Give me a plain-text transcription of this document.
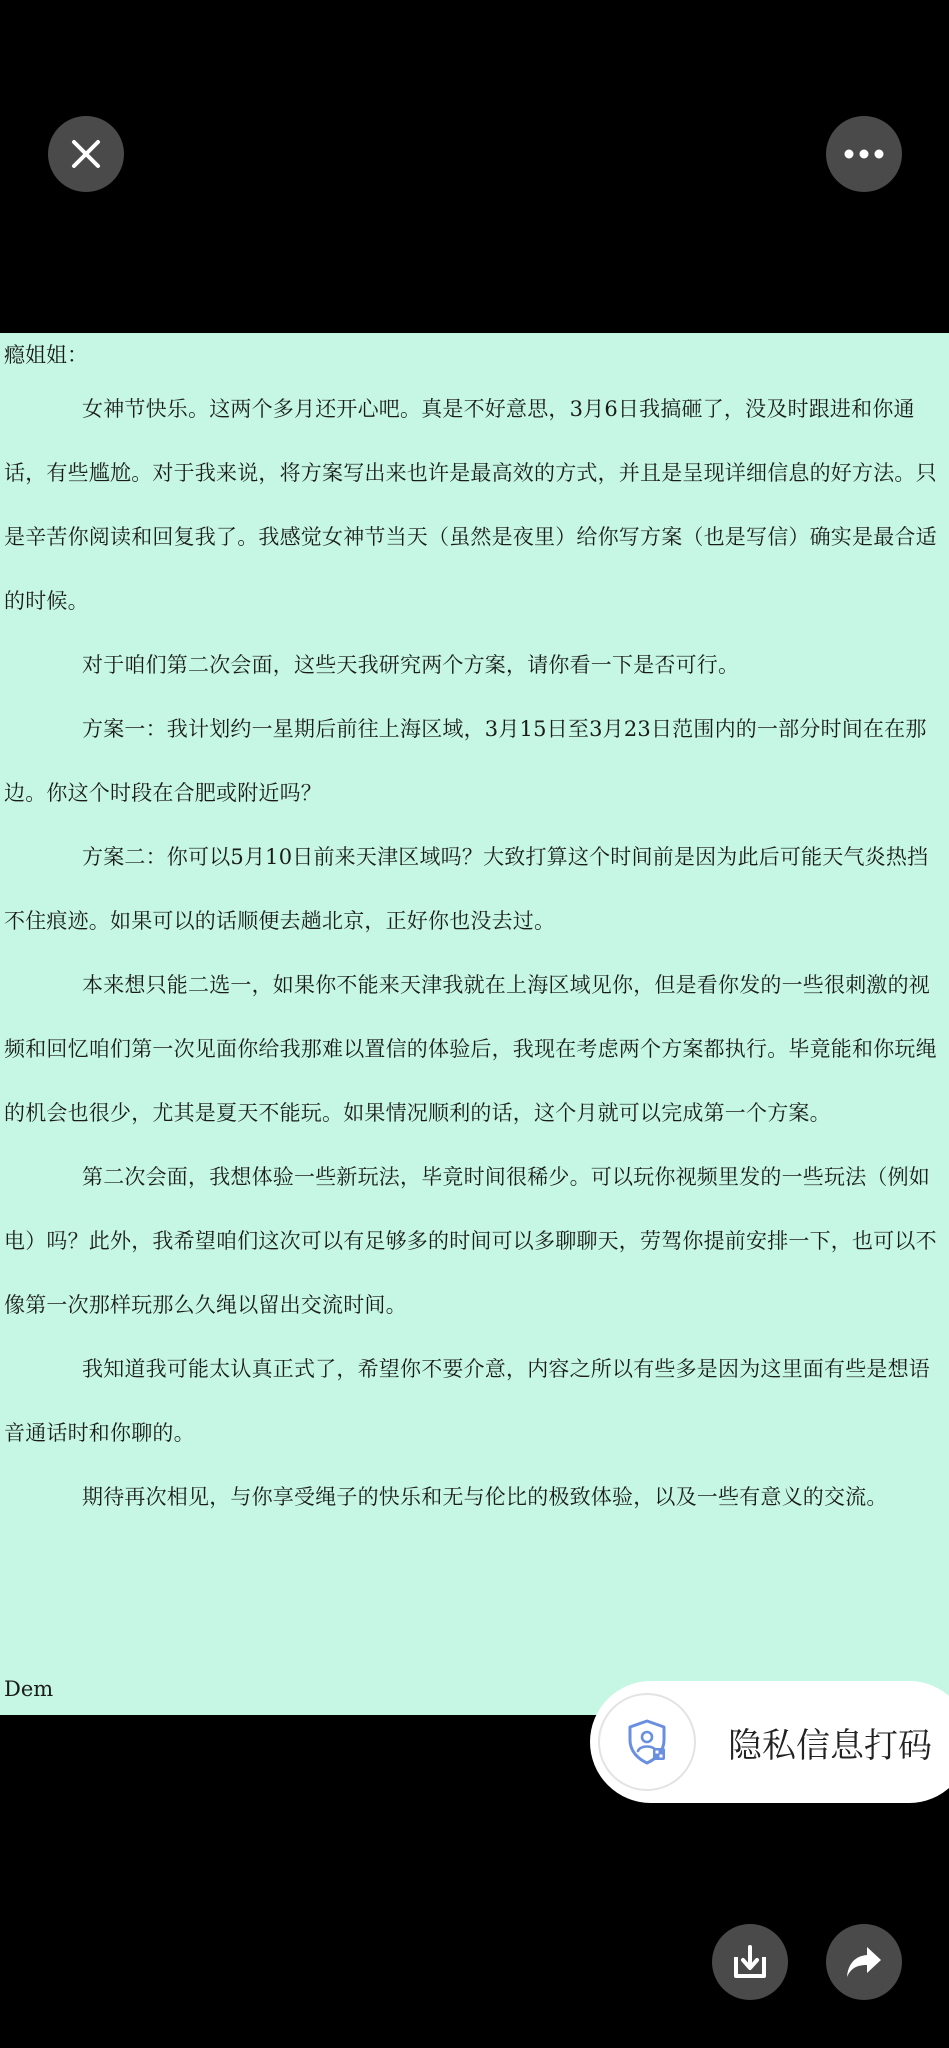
瘾姐姐：

女神节快乐。这两个多月还开心吧。真是不好意思，3月6日我搞砸了，没及时跟进和你通话，有些尴尬。对于我来说，将方案写出来也许是最高效的方式，并且是呈现详细信息的好方法。只是辛苦你阅读和回复我了。我感觉女神节当天（虽然是夜里）给你写方案（也是写信）确实是最合适的时候。

对于咱们第二次会面，这些天我研究两个方案，请你看一下是否可行。

方案一：我计划约一星期后前往上海区域，3月15日至3月23日范围内的一部分时间在在那边。你这个时段在合肥或附近吗？

方案二：你可以5月10日前来天津区域吗？大致打算这个时间前是因为此后可能天气炎热挡不住痕迹。如果可以的话顺便去趟北京，正好你也没去过。

本来想只能二选一，如果你不能来天津我就在上海区域见你，但是看你发的一些很刺激的视频和回忆咱们第一次见面你给我那难以置信的体验后，我现在考虑两个方案都执行。毕竟能和你玩绳的机会也很少，尤其是夏天不能玩。如果情况顺利的话，这个月就可以完成第一个方案。

第二次会面，我想体验一些新玩法，毕竟时间很稀少。可以玩你视频里发的一些玩法（例如电）吗？此外，我希望咱们这次可以有足够多的时间可以多聊聊天，劳驾你提前安排一下，也可以不像第一次那样玩那么久绳以留出交流时间。

我知道我可能太认真正式了，希望你不要介意，内容之所以有些多是因为这里面有些是想语音通话时和你聊的。

期待再次相见，与你享受绳子的快乐和无与伦比的极致体验，以及一些有意义的交流。

Dem

隐私信息打码
